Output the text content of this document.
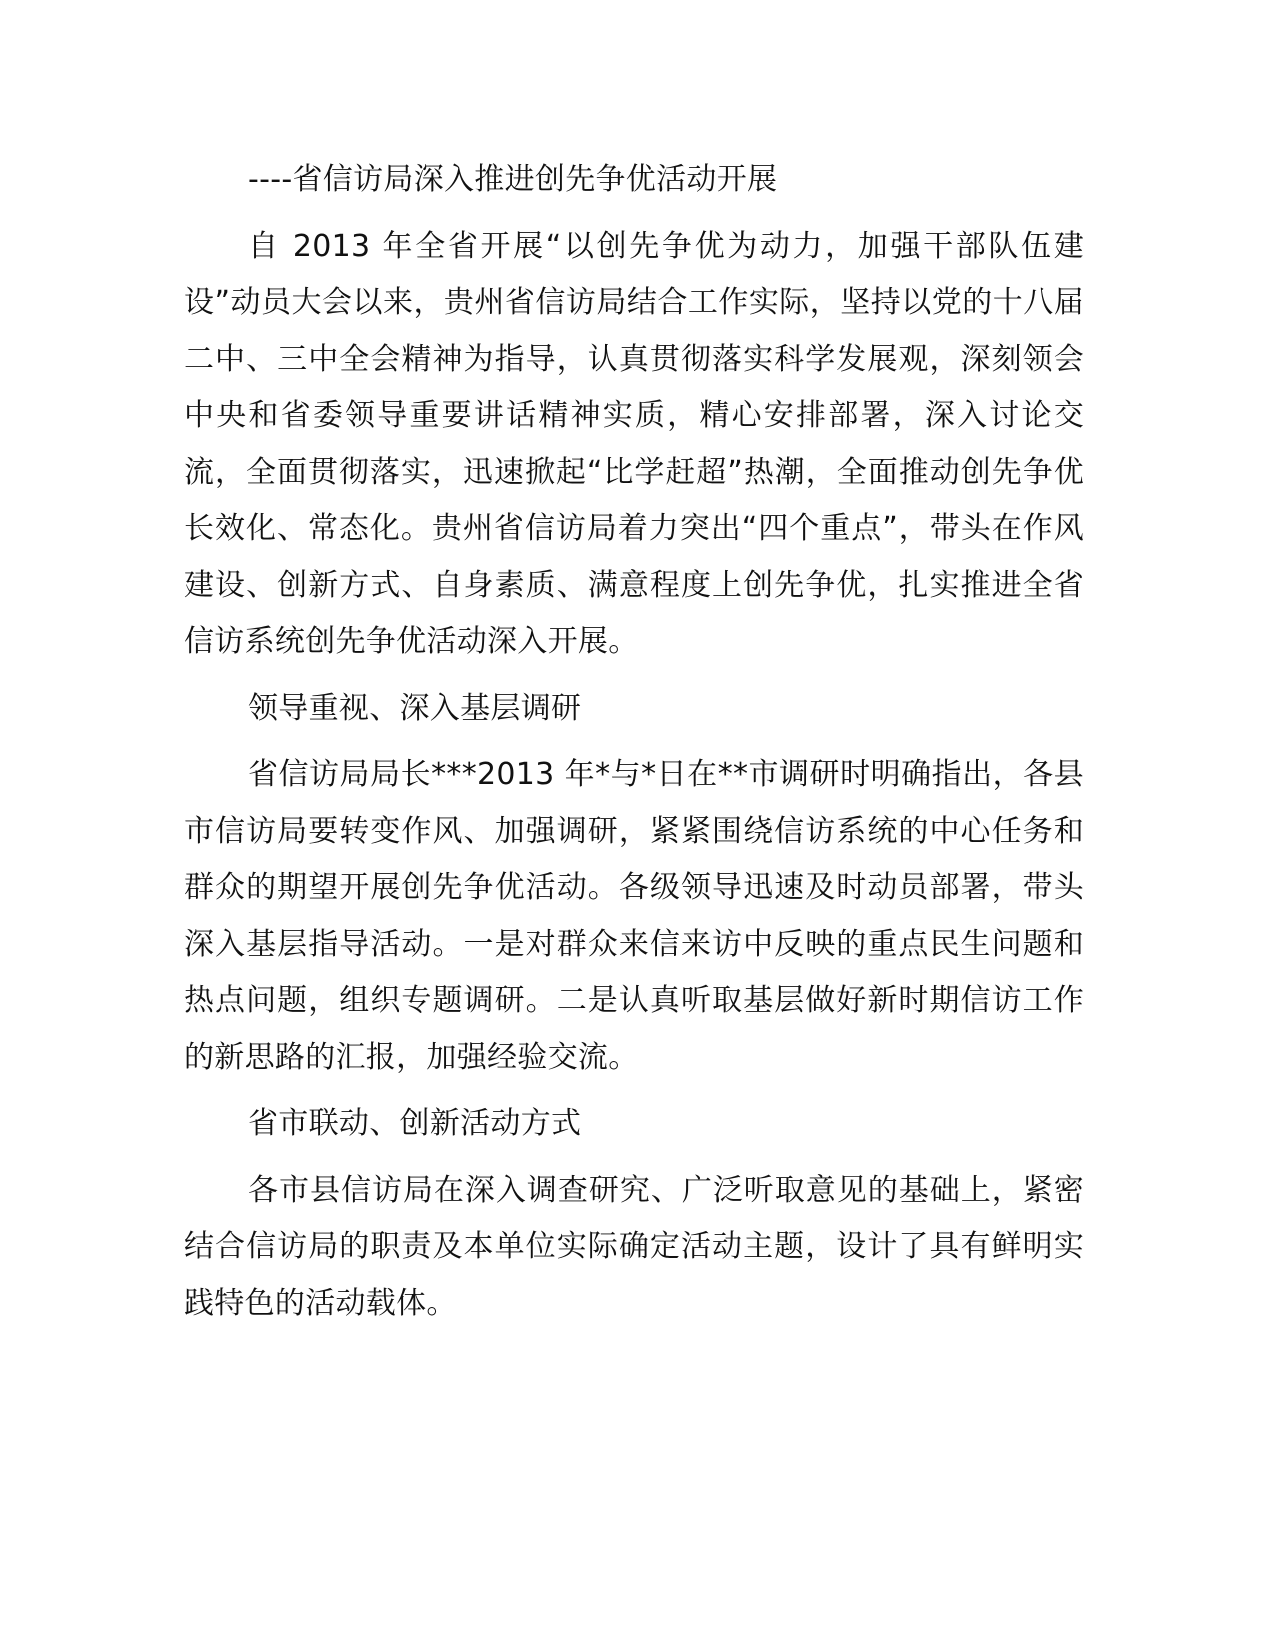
----省信访局深入推进创先争优活动开展

自 2013 年全省开展“以创先争优为动力，加强干部队伍建设”动员大会以来，贵州省信访局结合工作实际，坚持以党的十八届二中、三中全会精神为指导，认真贯彻落实科学发展观，深刻领会中央和省委领导重要讲话精神实质，精心安排部署，深入讨论交流，全面贯彻落实，迅速掀起“比学赶超”热潮，全面推动创先争优长效化、常态化。贵州省信访局着力突出“四个重点”，带头在作风建设、创新方式、自身素质、满意程度上创先争优，扎实推进全省信访系统创先争优活动深入开展。

领导重视、深入基层调研

省信访局局长***2013 年*与*日在**市调研时明确指出，各县市信访局要转变作风、加强调研，紧紧围绕信访系统的中心任务和群众的期望开展创先争优活动。各级领导迅速及时动员部署，带头深入基层指导活动。一是对群众来信来访中反映的重点民生问题和热点问题，组织专题调研。二是认真听取基层做好新时期信访工作的新思路的汇报，加强经验交流。

省市联动、创新活动方式

各市县信访局在深入调查研究、广泛听取意见的基础上，紧密结合信访局的职责及本单位实际确定活动主题，设计了具有鲜明实践特色的活动载体。
